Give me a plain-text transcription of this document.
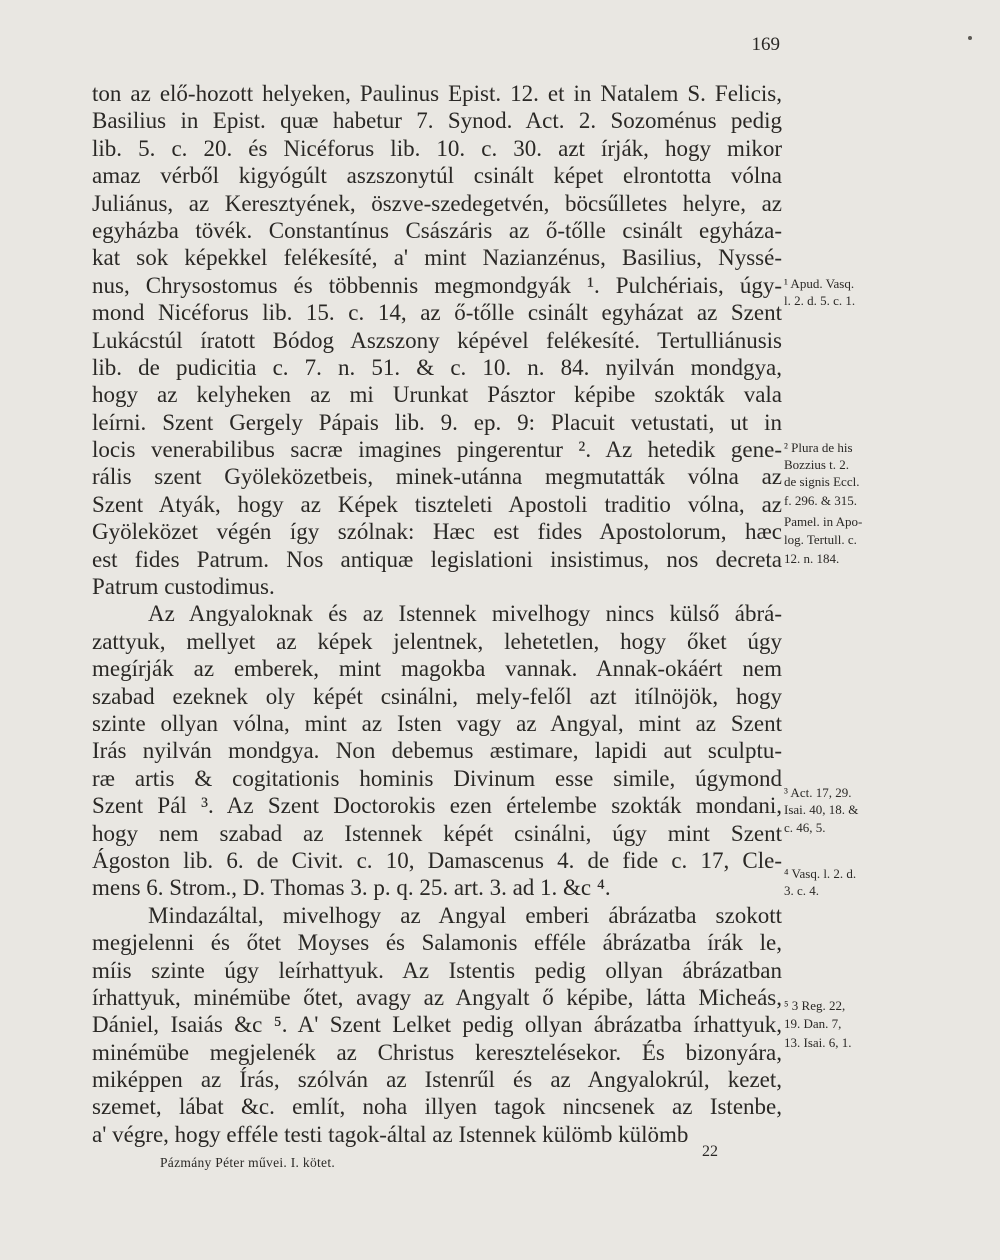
169
ton az elő-hozott helyeken, Paulinus Epist. 12. et in Natalem S. Felicis,
Basilius in Epist. quæ habetur 7. Synod. Act. 2. Sozoménus pedig
lib. 5. c. 20. és Nicéforus lib. 10. c. 30. azt írják, hogy mikor
amaz vérből kigyógúlt aszszonytúl csinált képet elrontotta vólna
Juliánus, az Keresztyének, öszve-szedegetvén, böcsűlletes helyre, az
egyházba tövék. Constantínus Császáris az ő-tőlle csinált egyháza-
kat sok képekkel felékesíté, a' mint Nazianzénus, Basilius, Nyssé-
nus, Chrysostomus és többennis megmondgyák ¹. Pulchériais, úgy-
mond Nicéforus lib. 15. c. 14, az ő-tőlle csinált egyházat az Szent
Lukácstúl íratott Bódog Aszszony képével felékesíté. Tertulliánusis
lib. de pudicitia c. 7. n. 51. & c. 10. n. 84. nyilván mondgya,
hogy az kelyheken az mi Urunkat Pásztor képibe szokták vala
leírni. Szent Gergely Pápais lib. 9. ep. 9: Placuit vetustati, ut in
locis venerabilibus sacræ imagines pingerentur ². Az hetedik gene-
rális szent Gyöleközetbeis, minek-utánna megmutatták vólna az
Szent Atyák, hogy az Képek tiszteleti Apostoli traditio vólna, az
Gyöleközet végén így szólnak: Hæc est fides Apostolorum, hæc
est fides Patrum. Nos antiquæ legislationi insistimus, nos decreta
Patrum custodimus.
Az Angyaloknak és az Istennek mivelhogy nincs külső ábrá-
zattyuk, mellyet az képek jelentnek, lehetetlen, hogy őket úgy
megírják az emberek, mint magokba vannak. Annak-okáért nem
szabad ezeknek oly képét csinálni, mely-felől azt itílnöjök, hogy
szinte ollyan vólna, mint az Isten vagy az Angyal, mint az Szent
Irás nyilván mondgya. Non debemus æstimare, lapidi aut sculptu-
ræ artis & cogitationis hominis Divinum esse simile, úgymond
Szent Pál ³. Az Szent Doctorokis ezen értelembe szokták mondani,
hogy nem szabad az Istennek képét csinálni, úgy mint Szent
Ágoston lib. 6. de Civit. c. 10, Damascenus 4. de fide c. 17, Cle-
mens 6. Strom., D. Thomas 3. p. q. 25. art. 3. ad 1. &c ⁴.
Mindazáltal, mivelhogy az Angyal emberi ábrázatba szokott
megjelenni és őtet Moyses és Salamonis efféle ábrázatba írák le,
míis szinte úgy leírhattyuk. Az Istentis pedig ollyan ábrázatban
írhattyuk, minémübe őtet, avagy az Angyalt ő képibe, látta Micheás,
Dániel, Isaiás &c ⁵. A' Szent Lelket pedig ollyan ábrázatba írhattyuk,
minémübe megjelenék az Christus keresztelésekor. És bizonyára,
miképpen az Írás, szólván az Istenrűl és az Angyalokrúl, kezet,
szemet, lábat &c. említ, noha illyen tagok nincsenek az Istenbe,
a' végre, hogy efféle testi tagok-által az Istennek külömb külömb
¹ Apud. Vasq.
l. 2. d. 5. c. 1.
² Plura de his
Bozzius t. 2.
de signis Eccl.
f. 296. & 315.
Pamel. in Apo-
log. Tertull. c.
12. n. 184.
³ Act. 17, 29.
Isai. 40, 18. &
c. 46, 5.
⁴ Vasq. l. 2. d.
3. c. 4.
⁵ 3 Reg. 22,
19. Dan. 7,
13. Isai. 6, 1.
22
Pázmány Péter művei. I. kötet.
